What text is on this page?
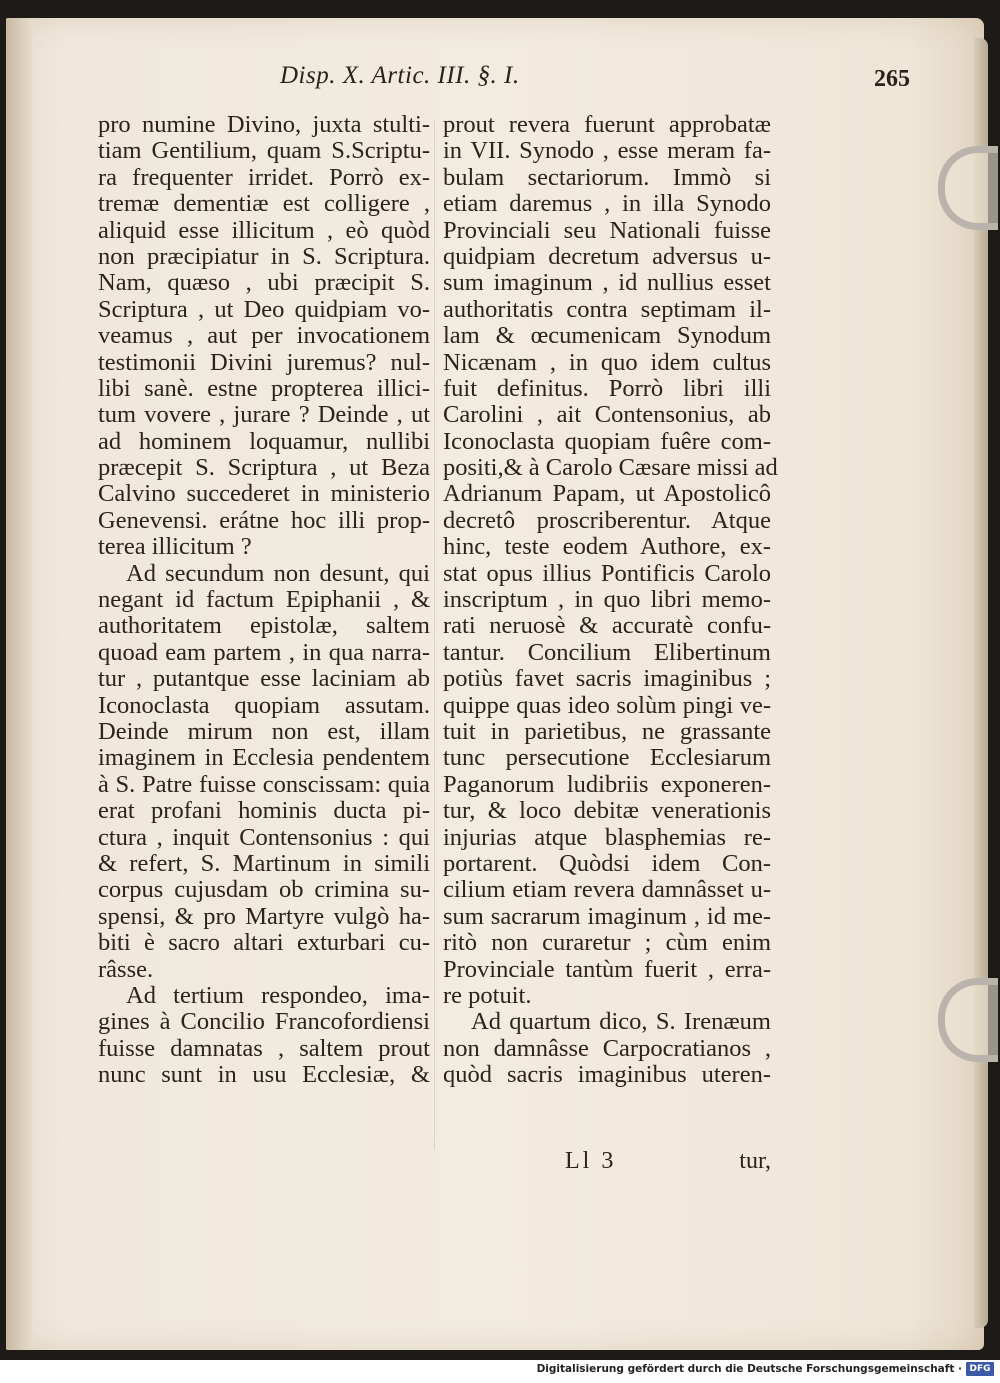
Disp. X. Artic. III. §. I.	265
pro numine Divino, juxta stulti-
tiam Gentilium, quam S.Scriptu-
ra frequenter irridet. Porrò ex-
tremæ dementiæ est colligere ,
aliquid esse illicitum , eò quòd
non præcipiatur in S. Scriptura.
Nam, quæso , ubi præcipit S.
Scriptura , ut Deo quidpiam vo-
veamus , aut per invocationem
testimonii Divini juremus? nul-
libi sanè. estne propterea illici-
tum vovere , jurare ? Deinde , ut
ad hominem loquamur, nullibi
præcepit S. Scriptura , ut Beza
Calvino succederet in ministerio
Genevensi. erátne hoc illi prop-
terea illicitum ?
Ad secundum non desunt, qui
negant id factum Epiphanii , &
authoritatem epistolæ, saltem
quoad eam partem , in qua narra-
tur , putantque esse laciniam ab
Iconoclasta quopiam assutam.
Deinde mirum non est, illam
imaginem in Ecclesia pendentem
à S. Patre fuisse conscissam: quia
erat profani hominis ducta pi-
ctura , inquit Contensonius : qui
& refert, S. Martinum in simili
corpus cujusdam ob crimina su-
spensi, & pro Martyre vulgò ha-
biti è sacro altari exturbari cu-
râsse.
Ad tertium respondeo, ima-
gines à Concilio Francofordiensi
fuisse damnatas , saltem prout
nunc sunt in usu Ecclesiæ, &
prout revera fuerunt approbatæ
in VII. Synodo , esse meram fa-
bulam sectariorum. Immò si
etiam daremus , in illa Synodo
Provinciali seu Nationali fuisse
quidpiam decretum adversus u-
sum imaginum , id nullius esset
authoritatis contra septimam il-
lam & œcumenicam Synodum
Nicænam , in quo idem cultus
fuit definitus. Porrò libri illi
Carolini , ait Contensonius, ab
Iconoclasta quopiam fuêre com-
positi,& à Carolo Cæsare missi ad
Adrianum Papam, ut Apostolicô
decretô proscriberentur. Atque
hinc, teste eodem Authore, ex-
stat opus illius Pontificis Carolo
inscriptum , in quo libri memo-
rati neruosè & accuratè confu-
tantur. Concilium Elibertinum
potiùs favet sacris imaginibus ;
quippe quas ideo solùm pingi ve-
tuit in parietibus, ne grassante
tunc persecutione Ecclesiarum
Paganorum ludibriis exponeren-
tur, & loco debitæ venerationis
injurias atque blasphemias re-
portarent. Quòdsi idem Con-
cilium etiam revera damnâsset u-
sum sacrarum imaginum , id me-
ritò non curaretur ; cùm enim
Provinciale tantùm fuerit , erra-
re potuit.
Ad quartum dico, S. Irenæum
non damnâsse Carpocratianos ,
quòd sacris imaginibus uteren-
Ll 3	tur,
Digitalisierung gefördert durch die Deutsche Forschungsgemeinschaft · DFG
